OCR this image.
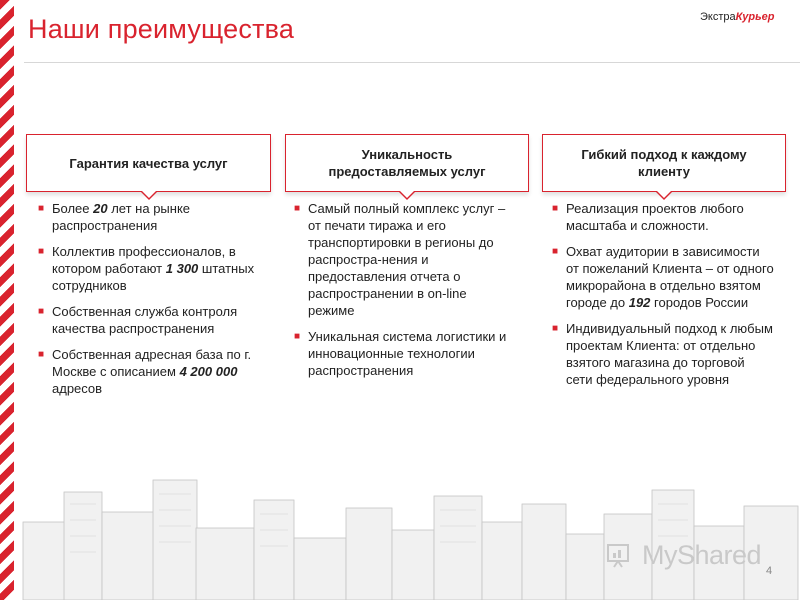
Наши преимущества	ЭкстраКурьер
Гарантия качества услуг
Уникальность предоставляемых услуг
Гибкий подход к каждому клиенту
■ Более 20 лет на рынке распространения
■ Коллектив профессионалов, в котором работают 1 300 штатных сотрудников
■ Собственная служба контроля качества распространения
■ Собственная адресная база по г. Москве с описанием 4 200 000 адресов
■ Самый полный комплекс услуг – от печати тиража и его транспортировки в регионы до распростра-нения и предоставления отчета о распространении в on-line режиме
■ Уникальная система логистики и инновационные технологии распространения
■ Реализация проектов любого масштаба и сложности.
■ Охват аудитории в зависимости от пожеланий Клиента – от одного микрорайона в отдельно взятом городе до 192 городов России
■ Индивидуальный подход к любым проектам Клиента: от отдельно взятого магазина до торговой сети федерального уровня
MyShared
4
